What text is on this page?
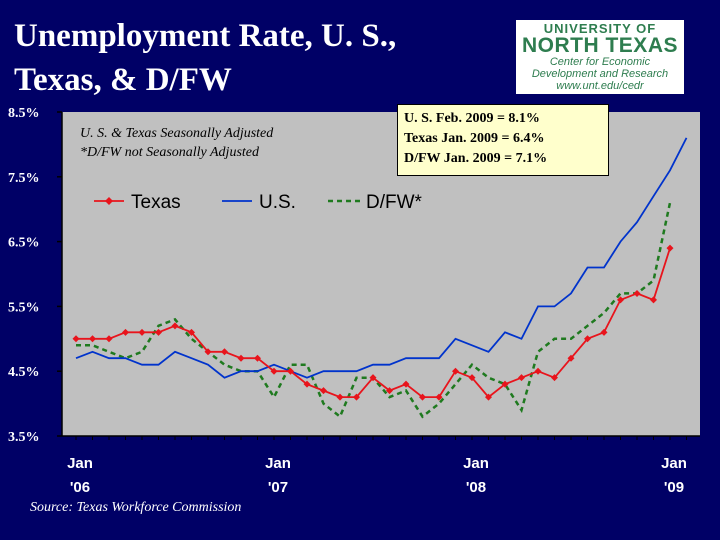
Unemployment Rate, U. S.,
Texas, & D/FW
UNIVERSITY OF
NORTH TEXAS
Center for Economic
Development and Research
www.unt.edu/cedr
3.5%
4.5%
5.5%
6.5%
7.5%
8.5%
Jan
'06
Jan
'07
Jan
'08
Jan
'09
Texas	U.S.	D/FW*
U. S. & Texas Seasonally Adjusted
*D/FW not Seasonally Adjusted
U. S. Feb. 2009 = 8.1%
Texas Jan. 2009 = 6.4%
D/FW Jan. 2009 = 7.1%
Source: Texas Workforce Commission
